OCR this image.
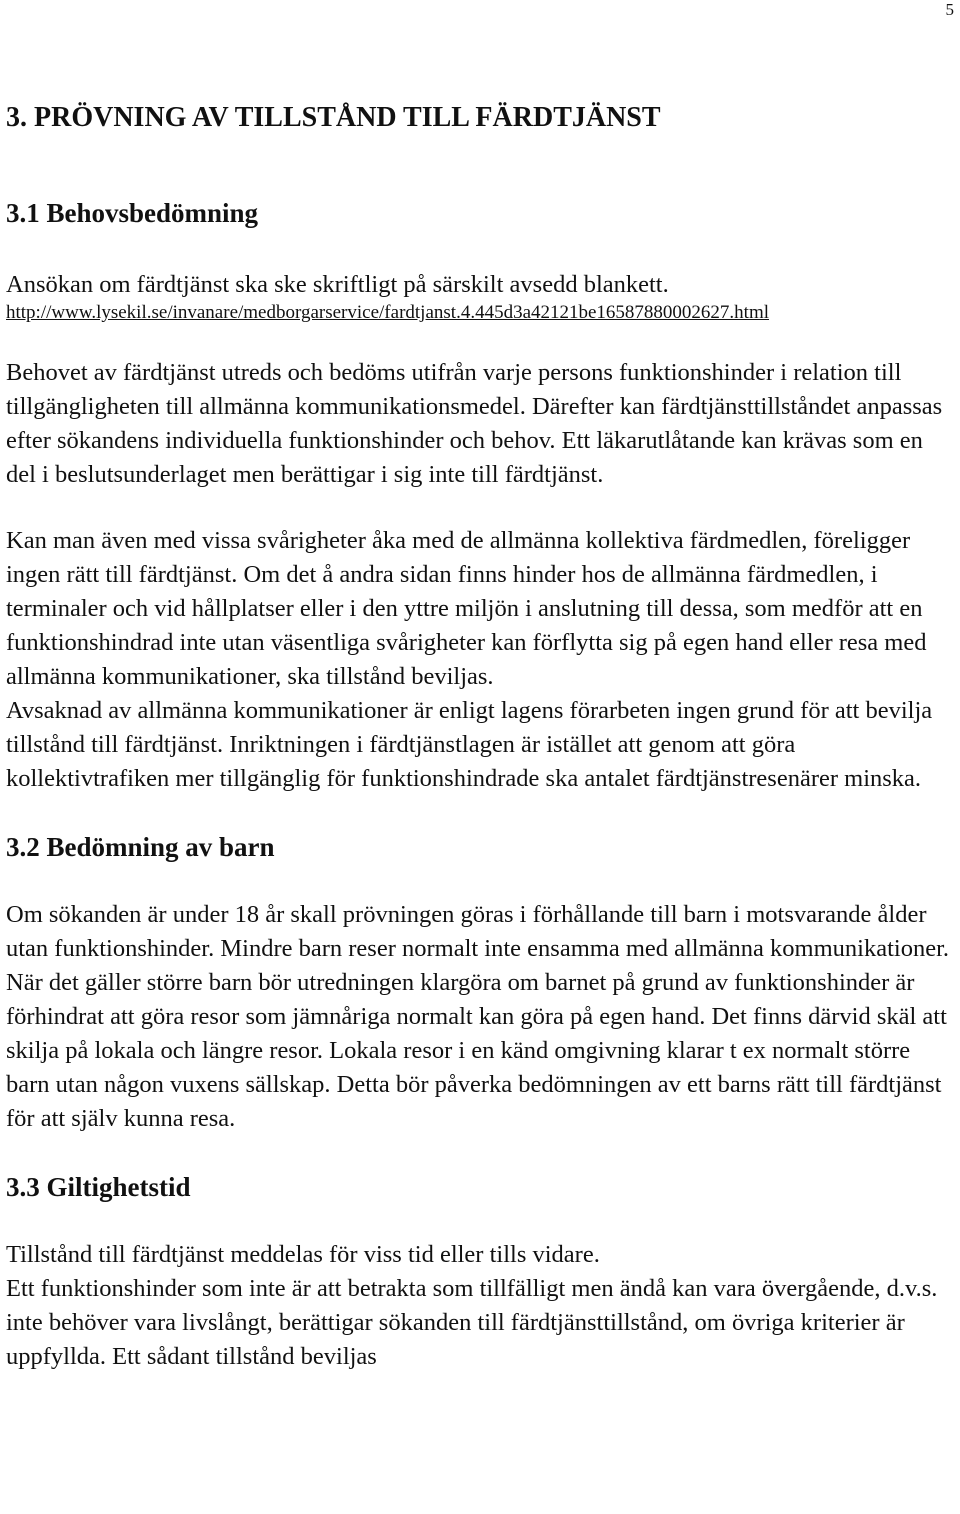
5
3. PRÖVNING AV TILLSTÅND TILL FÄRDTJÄNST
3.1 Behovsbedömning

Ansökan om färdtjänst ska ske skriftligt på särskilt avsedd blankett.

http://www.lysekil.se/invanare/medborgarservice/fardtjanst.4.445d3a42121be16587880002627.html

Behovet av färdtjänst utreds och bedöms utifrån varje persons funktionshinder i relation till tillgängligheten till allmänna kommunikationsmedel. Därefter kan färdtjänsttillståndet anpassas efter sökandens individuella funktionshinder och behov. Ett läkarutlåtande kan krävas som en del i beslutsunderlaget men berättigar i sig inte till färdtjänst.

Kan man även med vissa svårigheter åka med de allmänna kollektiva färdmedlen, föreligger ingen rätt till färdtjänst. Om det å andra sidan finns hinder hos de allmänna färdmedlen, i terminaler och vid hållplatser eller i den yttre miljön i anslutning till dessa, som medför att en funktionshindrad inte utan väsentliga svårigheter kan förflytta sig på egen hand eller resa med allmänna kommunikationer, ska tillstånd beviljas.

Avsaknad av allmänna kommunikationer är enligt lagens förarbeten ingen grund för att bevilja tillstånd till färdtjänst. Inriktningen i färdtjänstlagen är istället att genom att göra kollektivtrafiken mer tillgänglig för funktionshindrade ska antalet färdtjänstresenärer minska.

3.2 Bedömning av barn

Om sökanden är under 18 år skall prövningen göras i förhållande till barn i motsvarande ålder utan funktionshinder. Mindre barn reser normalt inte ensamma med allmänna kommunikationer. När det gäller större barn bör utredningen klargöra om barnet på grund av funktionshinder är förhindrat att göra resor som jämnåriga normalt kan göra på egen hand. Det finns därvid skäl att skilja på lokala och längre resor. Lokala resor i en känd omgivning klarar t ex normalt större barn utan någon vuxens sällskap. Detta bör påverka bedömningen av ett barns rätt till färdtjänst för att själv kunna resa.

3.3 Giltighetstid

Tillstånd till färdtjänst meddelas för viss tid eller tills vidare.

Ett funktionshinder som inte är att betrakta som tillfälligt men ändå kan vara övergående, d.v.s. inte behöver vara livslångt, berättigar sökanden till färdtjänsttillstånd, om övriga kriterier är uppfyllda. Ett sådant tillstånd beviljas
